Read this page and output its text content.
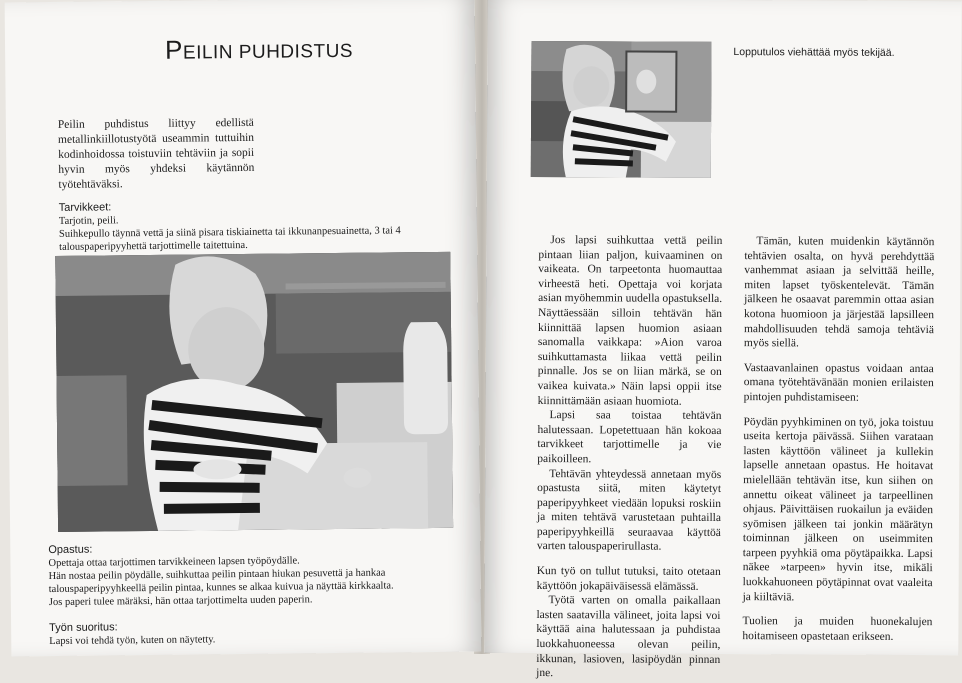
PEILIN PUHDISTUS
Peilin puhdistus liittyy edellistä metallinkiillotustyötä useammin tuttuihin kodinhoidossa toistuviin tehtäviin ja sopii hyvin myös yhdeksi käytännön työtehtäväksi.
Tarvikkeet:
Tarjotin, peili.
Suihkepullo täynnä vettä ja siinä pisara tiskiainetta tai ikkunanpesuainetta, 3 tai 4 talouspaperipyyhettä tarjottimelle taitettuina.
Opastus:
Opettaja ottaa tarjottimen tarvikkeineen lapsen työpöydälle.
Hän nostaa peilin pöydälle, suihkuttaa peilin pintaan hiukan pesuvettä ja hankaa talouspaperipyyhkeellä peilin pintaa, kunnes se alkaa kuivua ja näyttää kirkkaalta.
Jos paperi tulee märäksi, hän ottaa tarjottimelta uuden paperin.
Työn suoritus:
Lapsi voi tehdä työn, kuten on näytetty.
Lopputulos viehättää myös tekijää.

Jos lapsi suihkuttaa vettä peilin pintaan liian paljon, kuivaaminen on vaikeata. On tarpeetonta huomauttaa virheestä heti. Opettaja voi korjata asian myöhemmin uudella opastuksella. Näyttäessään silloin tehtävän hän kiinnittää lapsen huomion asiaan sanomalla vaikkapa: »Aion varoa suihkuttamasta liikaa vettä peilin pinnalle. Jos se on liian märkä, se on vaikea kuivata.» Näin lapsi oppii itse kiinnittämään asiaan huomiota.

Lapsi saa toistaa tehtävän halutessaan. Lopetettuaan hän kokoaa tarvikkeet tarjottimelle ja vie paikoilleen.

Tehtävän yhteydessä annetaan myös opastusta siitä, miten käytetyt paperipyyhkeet viedään lopuksi roskiin ja miten tehtävä varustetaan puhtailla paperipyyhkeillä seuraavaa käyttöä varten talouspaperirullasta.

Kun työ on tullut tutuksi, taito otetaan käyttöön jokapäiväisessä elämässä.

Työtä varten on omalla paikallaan lasten saatavilla välineet, joita lapsi voi käyttää aina halutessaan ja puhdistaa luokkahuoneessa olevan peilin, ikkunan, lasioven, lasipöydän pinnan jne.

Tämän, kuten muidenkin käytännön tehtävien osalta, on hyvä perehdyttää vanhemmat asiaan ja selvittää heille, miten lapset työskentelevät. Tämän jälkeen he osaavat paremmin ottaa asian kotona huomioon ja järjestää lapsilleen mahdollisuuden tehdä samoja tehtäviä myös siellä.

Vastaavanlainen opastus voidaan antaa omana työtehtävänään monien erilaisten pintojen puhdistamiseen:

Pöydän pyyhkiminen on työ, joka toistuu useita kertoja päivässä. Siihen varataan lasten käyttöön välineet ja kullekin lapselle annetaan opastus. He hoitavat mielellään tehtävän itse, kun siihen on annettu oikeat välineet ja tarpeellinen ohjaus. Päivittäisen ruokailun ja eväiden syömisen jälkeen tai jonkin määrätyn toiminnan jälkeen on useimmiten tarpeen pyyhkiä oma pöytäpaikka. Lapsi näkee »tarpeen» hyvin itse, mikäli luokkahuoneen pöytäpinnat ovat vaaleita ja kiiltäviä.

Tuolien ja muiden huonekalujen hoitamiseen opastetaan erikseen.
